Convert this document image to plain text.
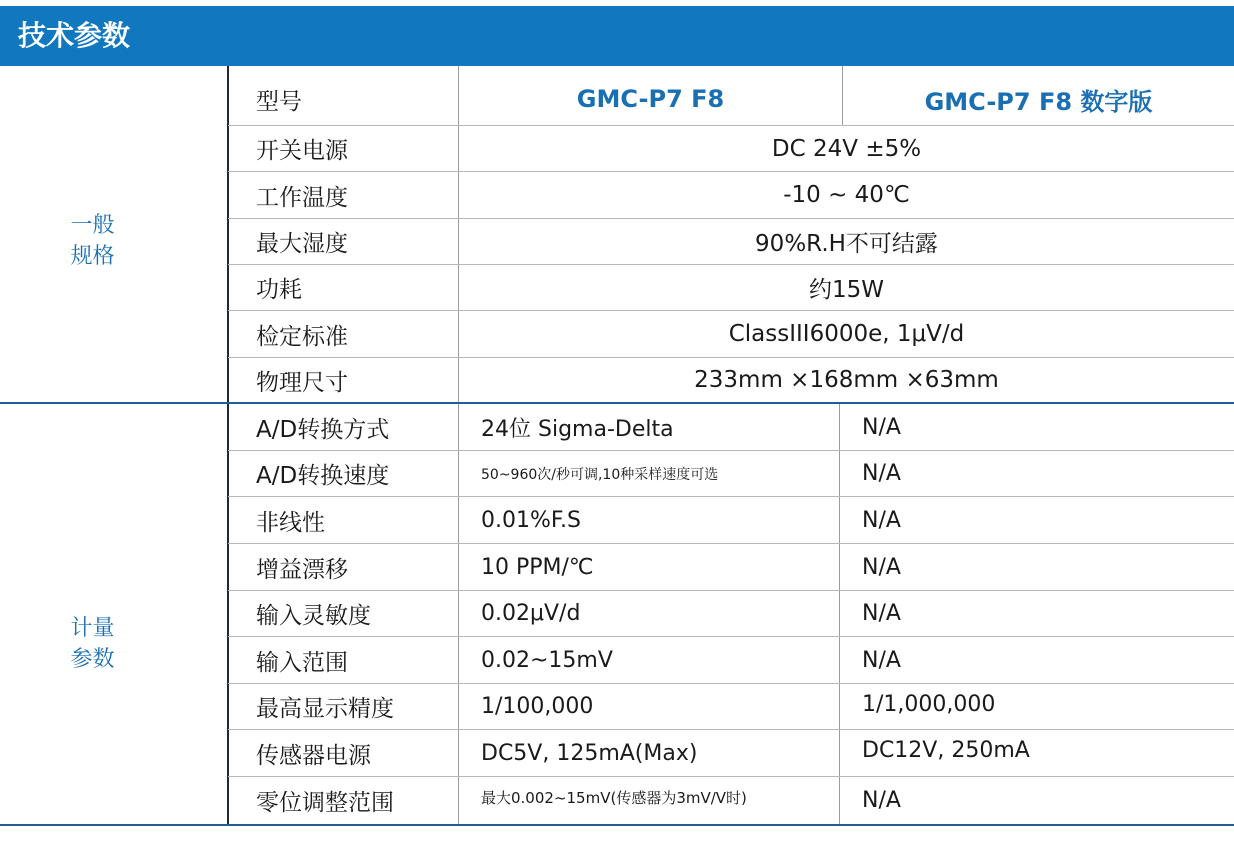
技术参数
一般
规格
计量
参数
型号	GMC-P7 F8	GMC-P7 F8 数字版
开关电源	DC 24V ±5%
工作温度	-10 ~ 40℃
最大湿度	90%R.H不可结露
功耗	约15W
检定标准	ClassIII6000e, 1μV/d
物理尺寸	233mm ×168mm ×63mm
A/D转换方式	24位 Sigma-Delta	N/A
A/D转换速度	50~960次/秒可调,10种采样速度可选	N/A
非线性	0.01%F.S	N/A
增益漂移	10 PPM/℃	N/A
输入灵敏度	0.02μV/d	N/A
输入范围	0.02~15mV	N/A
最高显示精度	1/100,000	1/1,000,000
传感器电源	DC5V, 125mA(Max)	DC12V, 250mA
零位调整范围	最大0.002~15mV(传感器为3mV/V时)	N/A
